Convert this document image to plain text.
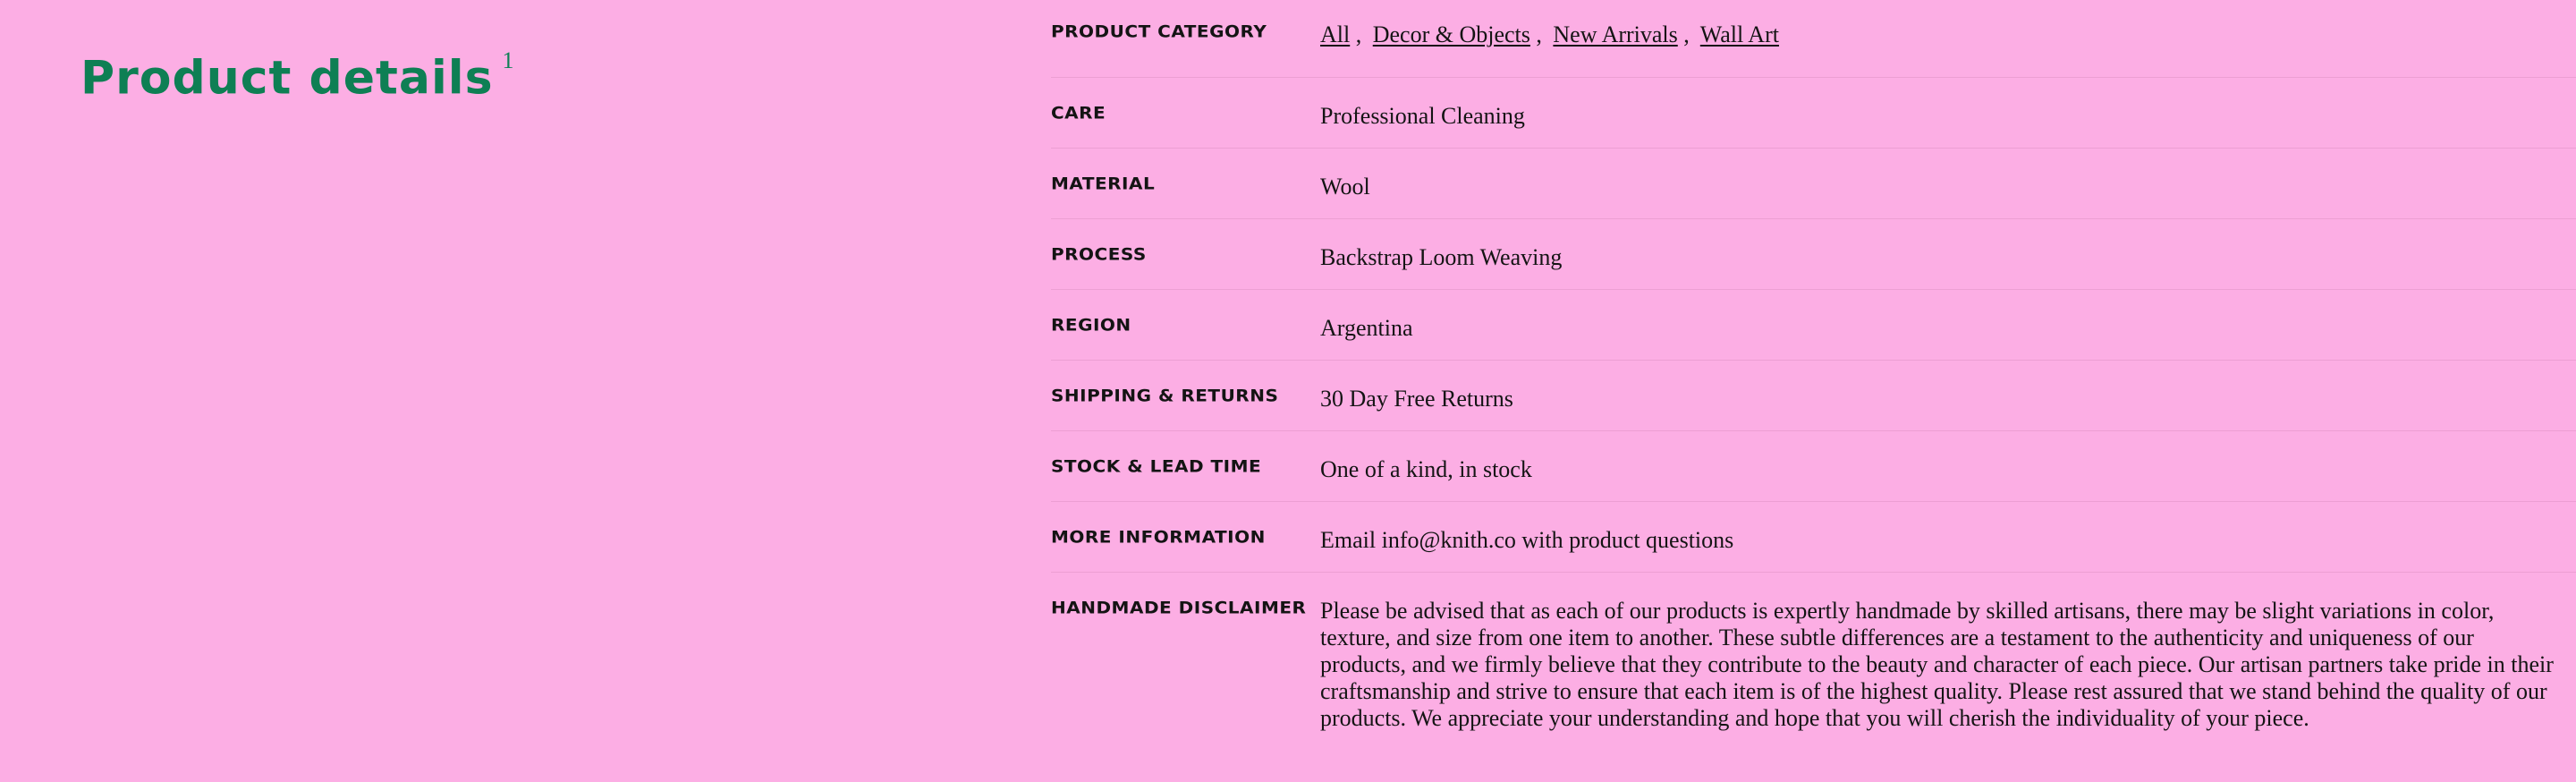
Product details $^1$
PRODUCT CATEGORY	All , Decor & Objects , New Arrivals , Wall Art
CARE	Professional Cleaning
MATERIAL	Wool
PROCESS	Backstrap Loom Weaving
REGION	Argentina
SHIPPING & RETURNS	30 Day Free Returns
STOCK & LEAD TIME	One of a kind, in stock
MORE INFORMATION	Email info@knith.co with product questions
HANDMADE DISCLAIMER Please be advised that as each of our products is expertly handmade by skilled artisans, there may be slight variations in color, texture, and size from one item to another. These subtle differences are a testament to the authenticity and uniqueness of our products, and we firmly believe that they contribute to the beauty and character of each piece. Our artisan partners take pride in their craftsmanship and strive to ensure that each item is of the highest quality. Please rest assured that we stand behind the quality of our products. We appreciate your understanding and hope that you will cherish the individuality of your piece.
